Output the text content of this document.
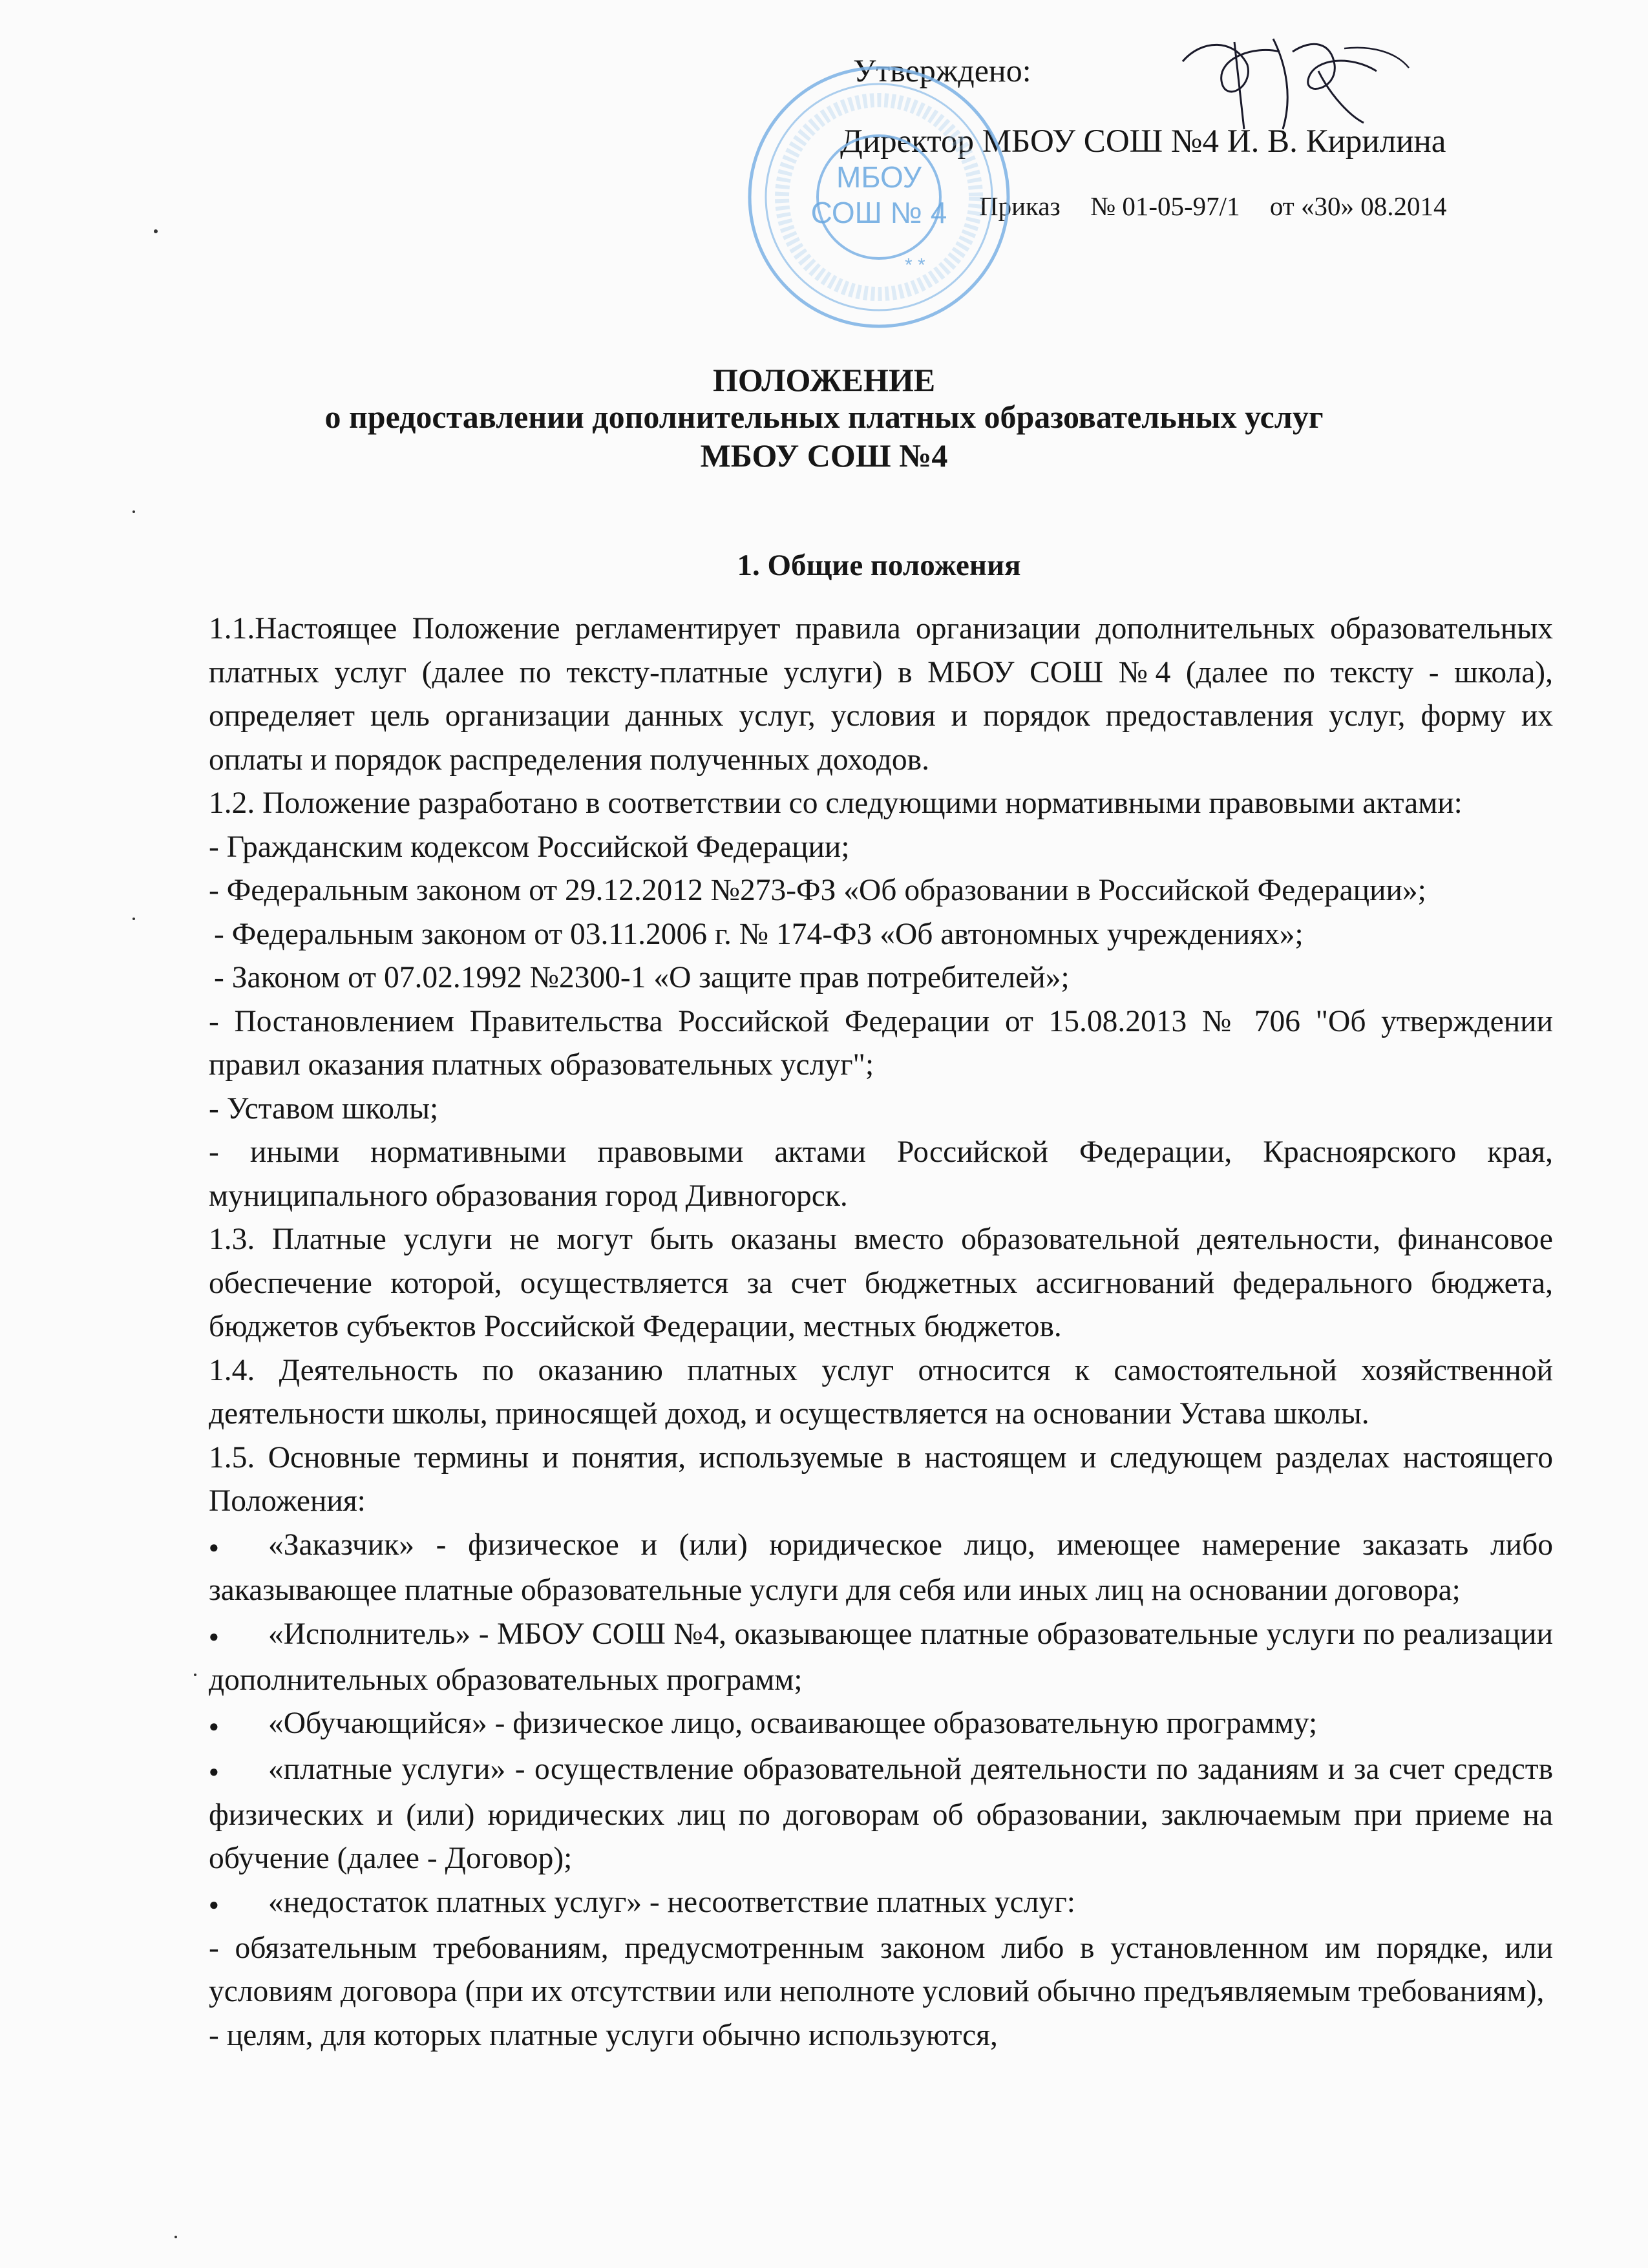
Утверждено:
Директор МБОУ СОШ №4 И. В. Кирилина
Приказ № 01-05-97/1 от «30» 08.2014
МБОУ
СОШ № 4
* *
ПОЛОЖЕНИЕ
о предоставлении дополнительных платных образовательных услуг
МБОУ СОШ №4
1. Общие положения

1.1.Настоящее Положение регламентирует правила организации дополнительных образовательных платных услуг (далее по тексту-платные услуги) в МБОУ СОШ №4 (далее по тексту - школа), определяет цель организации данных услуг, условия и порядок предоставления услуг, форму их оплаты и порядок распределения полученных доходов.

1.2. Положение разработано в соответствии со следующими нормативными правовыми актами:

- Гражданским кодексом Российской Федерации;

- Федеральным законом от 29.12.2012 №273-ФЗ «Об образовании в Российской Федерации»;

- Федеральным законом от 03.11.2006 г. № 174-ФЗ «Об автономных учреждениях»;

- Законом от 07.02.1992 №2300-1 «О защите прав потребителей»;

- Постановлением Правительства Российской Федерации от 15.08.2013 № 706 "Об утверждении правил оказания платных образовательных услуг";

- Уставом школы;

- иными нормативными правовыми актами Российской Федерации, Красноярского края, муниципального образования город Дивногорск.

1.3. Платные услуги не могут быть оказаны вместо образовательной деятельности, финансовое обеспечение которой, осуществляется за счет бюджетных ассигнований федерального бюджета, бюджетов субъектов Российской Федерации, местных бюджетов.

1.4. Деятельность по оказанию платных услуг относится к самостоятельной хозяйственной деятельности школы, приносящей доход, и осуществляется на основании Устава школы.

1.5. Основные термины и понятия, используемые в настоящем и следующем разделах настоящего Положения:

● «Заказчик» - физическое и (или) юридическое лицо, имеющее намерение заказать либо заказывающее платные образовательные услуги для себя или иных лиц на основании договора;

● «Исполнитель» - МБОУ СОШ №4, оказывающее платные образовательные услуги по реализации дополнительных образовательных программ;

● «Обучающийся» - физическое лицо, осваивающее образовательную программу;

● «платные услуги» - осуществление образовательной деятельности по заданиям и за счет средств физических и (или) юридических лиц по договорам об образовании, заключаемым при приеме на обучение (далее - Договор);

● «недостаток платных услуг» - несоответствие платных услуг:

- обязательным требованиям, предусмотренным законом либо в установленном им порядке, или условиям договора (при их отсутствии или неполноте условий обычно предъявляемым требованиям),

- целям, для которых платные услуги обычно используются,
